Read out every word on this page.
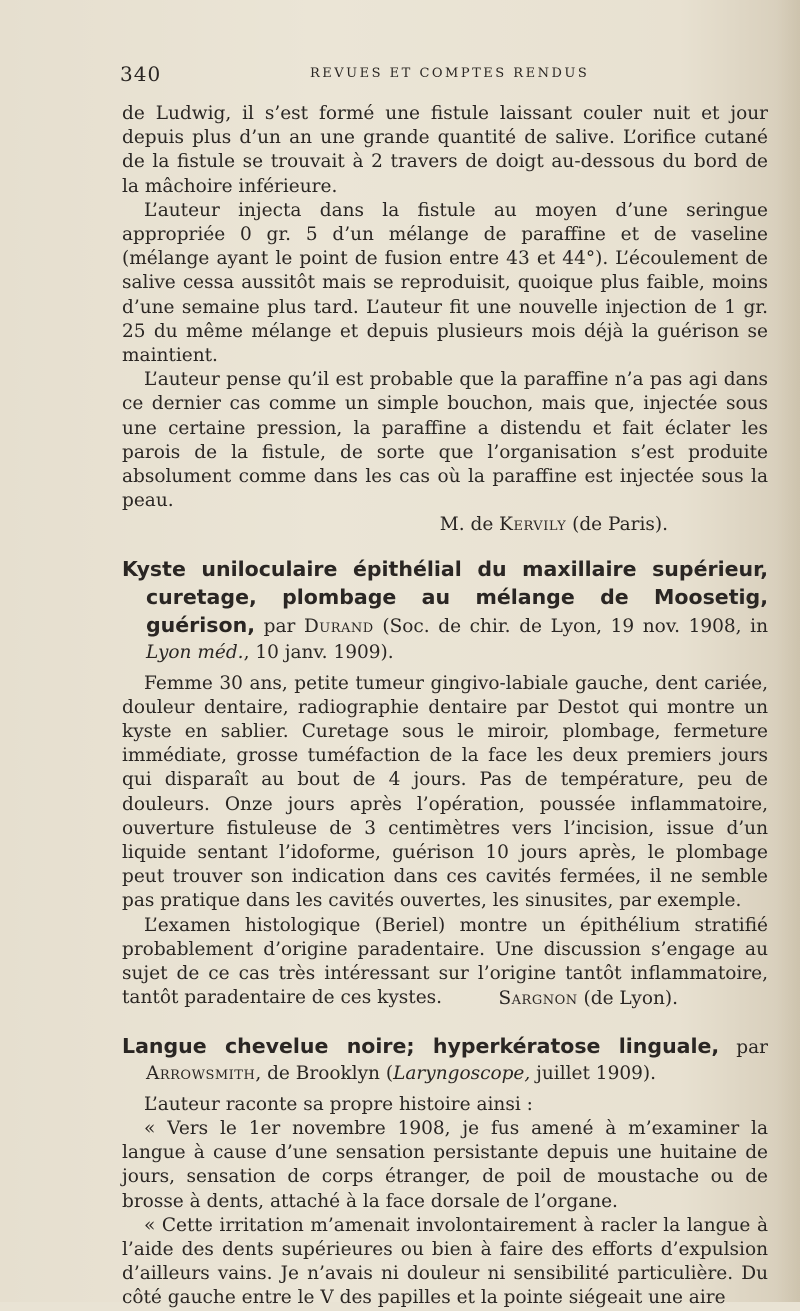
340	REVUES ET COMPTES RENDUS

de Ludwig, il s’est formé une fistule laissant couler nuit et jour depuis plus d’un an une grande quantité de salive. L’orifice cutané de la fistule se trouvait à 2 travers de doigt au-dessous du bord de la mâchoire inférieure.

L’auteur injecta dans la fistule au moyen d’une seringue appropriée 0 gr. 5 d’un mélange de paraffine et de vaseline (mélange ayant le point de fusion entre 43 et 44°). L’écoulement de salive cessa aussitôt mais se reproduisit, quoique plus faible, moins d’une semaine plus tard. L’auteur fit une nouvelle injection de 1 gr. 25 du même mélange et depuis plusieurs mois déjà la guérison se maintient.

L’auteur pense qu’il est probable que la paraffine n’a pas agi dans ce dernier cas comme un simple bouchon, mais que, injectée sous une certaine pression, la paraffine a distendu et fait éclater les parois de la fistule, de sorte que l’organisation s’est produite absolument comme dans les cas où la paraffine est injectée sous la peau.

M. de Kervily (de Paris).

Kyste uniloculaire épithélial du maxillaire supérieur, curetage, plombage au mélange de Moosetig, guérison, par Durand (Soc. de chir. de Lyon, 19 nov. 1908, in Lyon méd., 10 janv. 1909).

Femme 30 ans, petite tumeur gingivo-labiale gauche, dent cariée, douleur dentaire, radiographie dentaire par Destot qui montre un kyste en sablier. Curetage sous le miroir, plombage, fermeture immédiate, grosse tuméfaction de la face les deux premiers jours qui disparaît au bout de 4 jours. Pas de température, peu de douleurs. Onze jours après l’opération, poussée inflammatoire, ouverture fistuleuse de 3 centimètres vers l’incision, issue d’un liquide sentant l’idoforme, guérison 10 jours après, le plombage peut trouver son indication dans ces cavités fermées, il ne semble pas pratique dans les cavités ouvertes, les sinusites, par exemple.

L’examen histologique (Beriel) montre un épithélium stratifié probablement d’origine paradentaire. Une discussion s’engage au sujet de ce cas très intéressant sur l’origine tantôt inflammatoire, tantôt paradentaire de ces kystes.	Sargnon (de Lyon).

Langue chevelue noire; hyperkératose linguale, par Arrowsmith, de Brooklyn (Laryngoscope, juillet 1909).

L’auteur raconte sa propre histoire ainsi :

« Vers le 1er novembre 1908, je fus amené à m’examiner la langue à cause d’une sensation persistante depuis une huitaine de jours, sensation de corps étranger, de poil de moustache ou de brosse à dents, attaché à la face dorsale de l’organe.

« Cette irritation m’amenait involontairement à racler la langue à l’aide des dents supérieures ou bien à faire des efforts d’expulsion d’ailleurs vains. Je n’avais ni douleur ni sensibilité particulière. Du côté gauche entre le V des papilles et la pointe siégeait une aire
